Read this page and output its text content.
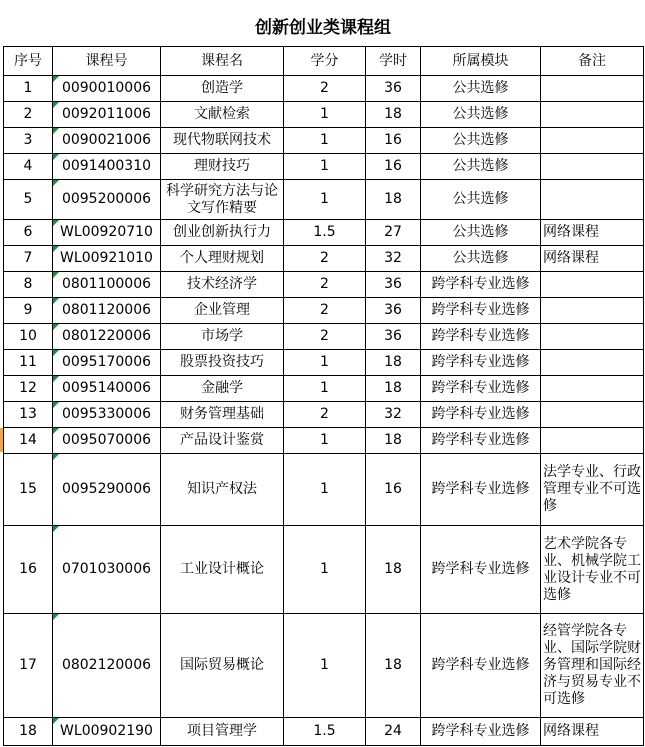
创新创业类课程组
序号	课程号	课程名	学分	学时	所属模块	备注
1	0090010006	创造学	2	36	公共选修	
2	0092011006	文献检索	1	18	公共选修	
3	0090021006	现代物联网技术	1	16	公共选修	
4	0091400310	理财技巧	1	16	公共选修	
5	0095200006	科学研究方法与论文写作精要	1	18	公共选修	
6	WL00920710	创业创新执行力	1.5	27	公共选修	网络课程
7	WL00921010	个人理财规划	2	32	公共选修	网络课程
8	0801100006	技术经济学	2	36	跨学科专业选修	
9	0801120006	企业管理	2	36	跨学科专业选修	
10	0801220006	市场学	2	36	跨学科专业选修	
11	0095170006	股票投资技巧	1	18	跨学科专业选修	
12	0095140006	金融学	1	18	跨学科专业选修	
13	0095330006	财务管理基础	2	32	跨学科专业选修	
14	0095070006	产品设计鉴赏	1	18	跨学科专业选修	
15	0095290006	知识产权法	1	16	跨学科专业选修	法学专业、行政管理专业不可选修
16	0701030006	工业设计概论	1	18	跨学科专业选修	艺术学院各专业、机械学院工业设计专业不可选修
17	0802120006	国际贸易概论	1	18	跨学科专业选修	经管学院各专业、国际学院财务管理和国际经济与贸易专业不可选修
18	WL00902190	项目管理学	1.5	24	跨学科专业选修	网络课程
